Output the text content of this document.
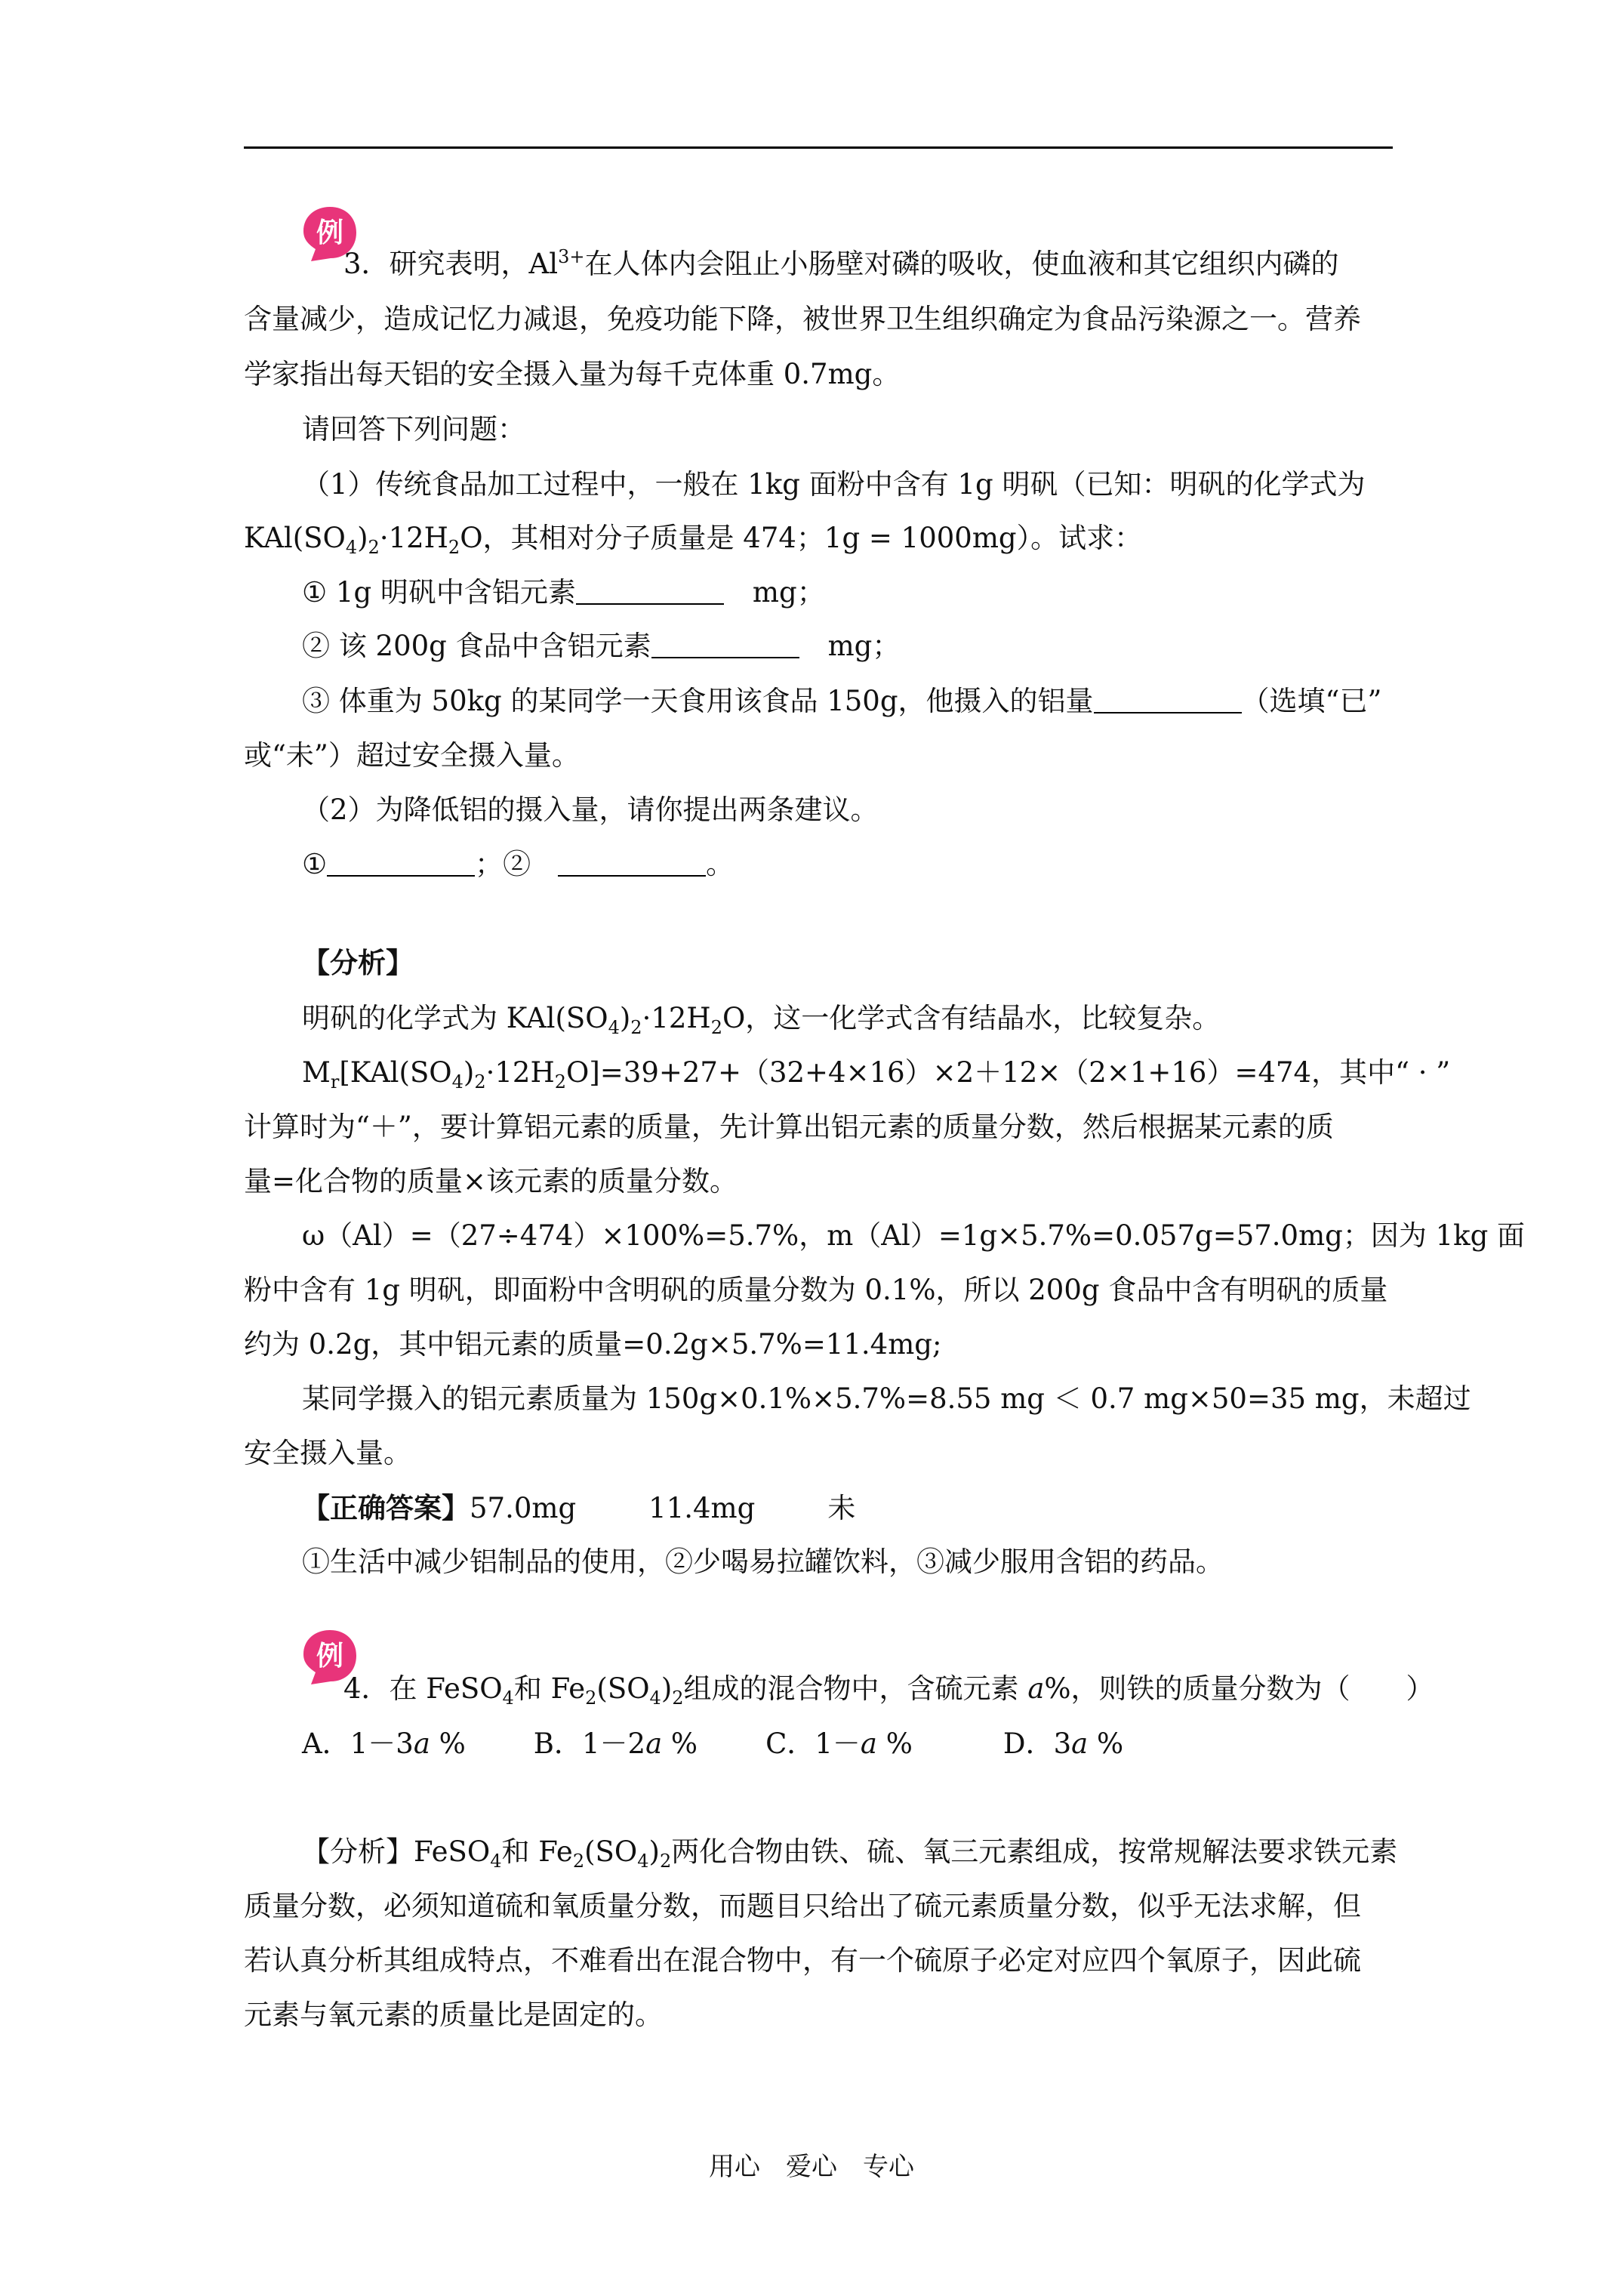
例
3．研究表明，$Al^{3+}$在人体内会阻止小肠壁对磷的吸收，使血液和其它组织内磷的
含量减少，造成记忆力减退，免疫功能下降，被世界卫生组织确定为食品污染源之一。营养
学家指出每天铝的安全摄入量为每千克体重 0.7mg。
请回答下列问题：
（1）传统食品加工过程中，一般在 1kg 面粉中含有 1g 明矾（已知：明矾的化学式为
$KAl(SO_4)_2\cdot 12H_2O$，其相对分子质量是 474；1g = 1000mg）。试求：
① 1g 明矾中含铝元素	mg；
② 该 200g 食品中含铝元素	mg；
③ 体重为 50kg 的某同学一天食用该食品 150g，他摄入的铝量	（选填“已”
或“未”）超过安全摄入量。
（2）为降低铝的摄入量，请你提出两条建议。
①	；②	。
【分析】
明矾的化学式为 $KAl(SO_4)_2\cdot 12H_2O$，这一化学式含有结晶水，比较复杂。
$M_r[KAl(SO_4)_2\cdot 12H_2O]=39+27+(32+4\times 16)\times 2+12\times(2\times 1+16)=474$，其中“ · ”
计算时为“＋”，要计算铝元素的质量，先计算出铝元素的质量分数，然后根据某元素的质
量=化合物的质量×该元素的质量分数。
ω（Al）=（27÷474）×100%=5.7%，m（Al）=1g×5.7%=0.057g=57.0mg；因为 1kg 面
粉中含有 1g 明矾，即面粉中含明矾的质量分数为 0.1%，所以 200g 食品中含有明矾的质量
约为 0.2g，其中铝元素的质量=0.2g×5.7%=11.4mg;
某同学摄入的铝元素质量为 150g×0.1%×5.7%=8.55 mg ＜ 0.7 mg×50=35 mg，未超过
安全摄入量。
【正确答案】57.0mg	11.4mg	未
①生活中减少铝制品的使用，②少喝易拉罐饮料，③减少服用含铝的药品。
例
4．在 FeSO$_4$和 $Fe_2(SO_4)_2$组成的混合物中，含硫元素 a%，则铁的质量分数为（　　）
A．1－3a % B．1－2a % C．1－a %	D．3a %
【分析】FeSO$_4$和 $Fe_2(SO_4)_2$两化合物由铁、硫、氧三元素组成，按常规解法要求铁元素
质量分数，必须知道硫和氧质量分数，而题目只给出了硫元素质量分数，似乎无法求解，但
若认真分析其组成特点，不难看出在混合物中，有一个硫原子必定对应四个氧原子，因此硫
元素与氧元素的质量比是固定的。
用心　爱心　专心
